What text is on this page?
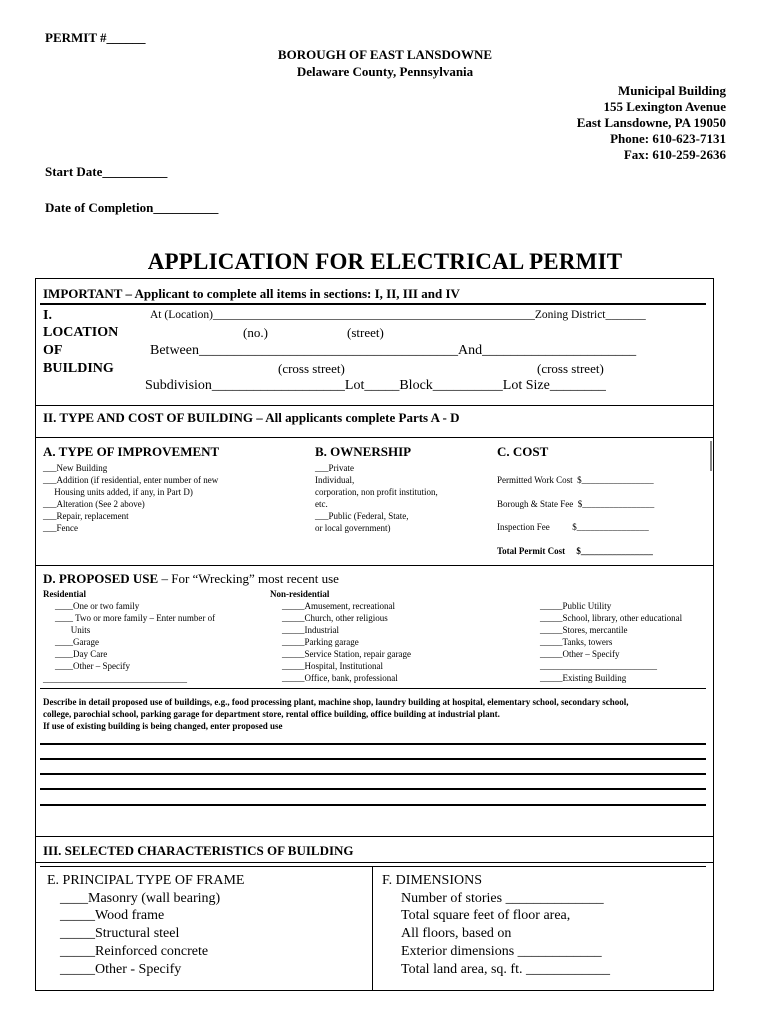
PERMIT #______
BOROUGH OF EAST LANSDOWNE
Delaware County, Pennsylvania
Municipal Building
155 Lexington Avenue
East Lansdowne, PA 19050
Phone: 610-623-7131
Fax: 610-259-2636
Start Date__________
Date of Completion__________
APPLICATION FOR ELECTRICAL PERMIT
IMPORTANT – Applicant to complete all items in sections: I, II, III and IV
I.
LOCATION
OF
BUILDING
At (Location)________________________________________________________Zoning District_______
(no.)	(street)
Between_____________________________________And______________________
(cross street)	(cross street)
Subdivision___________________Lot_____Block__________Lot Size________
II. TYPE AND COST OF BUILDING – All applicants complete Parts A - D
A. TYPE OF IMPROVEMENT
___New Building
___Addition (if residential, enter number of new
Housing units added, if any, in Part D)
___Alteration (See 2 above)
___Repair, replacement
___Fence
B. OWNERSHIP
___Private
Individual,
corporation, non profit institution,
etc.
___Public (Federal, State,
or local government)
C. COST
Permitted Work Cost  $________________
Borough & State Fee  $________________
Inspection Fee          $________________
Total Permit Cost     $________________
D. PROPOSED USE – For “Wrecking” most recent use
Residential
____One or two family
____ Two or more family – Enter number of
Units
____Garage
____Day Care
____Other – Specify
________________________________
Non-residential
_____Amusement, recreational
_____Church, other religious
_____Industrial
_____Parking garage
_____Service Station, repair garage
_____Hospital, Institutional
_____Office, bank, professional
_____Public Utility
_____School, library, other educational
_____Stores, mercantile
_____Tanks, towers
_____Other – Specify
__________________________
_____Existing Building
Describe in detail proposed use of buildings, e.g., food processing plant, machine shop, laundry building at hospital, elementary school, secondary school,
college, parochial school, parking garage for department store, rental office building, office building at industrial plant.
If use of existing building is being changed, enter proposed use
III. SELECTED CHARACTERISTICS OF BUILDING
E. PRINCIPAL TYPE OF FRAME
____Masonry (wall bearing)
_____Wood frame
_____Structural steel
_____Reinforced concrete
_____Other - Specify
F. DIMENSIONS
Number of stories ______________
Total square feet of floor area,
All floors, based on
Exterior dimensions ____________
Total land area, sq. ft. ____________
